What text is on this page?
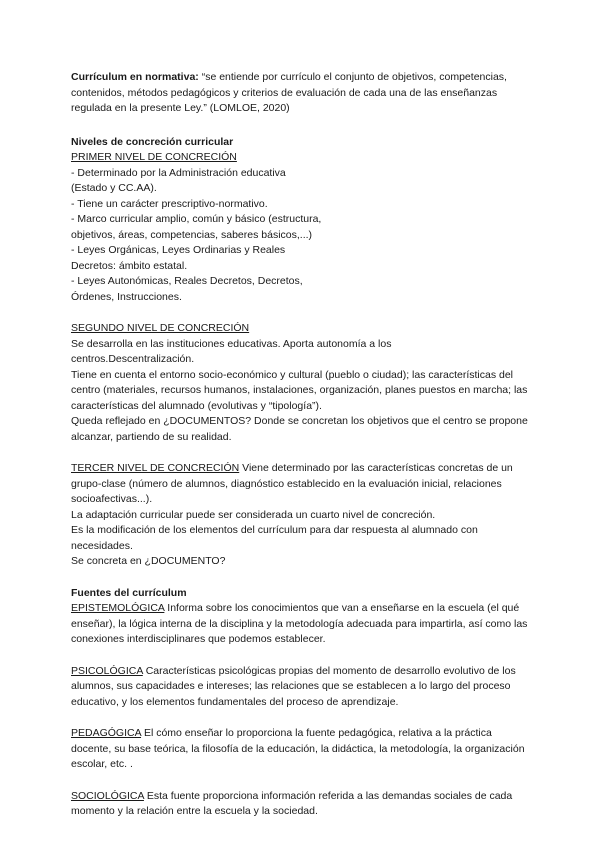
Currículum en normativa: “se entiende por currículo el conjunto de objetivos, competencias, contenidos, métodos pedagógicos y criterios de evaluación de cada una de las enseñanzas regulada en la presente Ley.” (LOMLOE, 2020)

Niveles de concreción curricular

PRIMER NIVEL DE CONCRECIÓN

- Determinado por la Administración educativa
(Estado y CC.AA).
- Tiene un carácter prescriptivo-normativo.
- Marco curricular amplio, común y básico (estructura,
objetivos, áreas, competencias, saberes básicos,...)
- Leyes Orgánicas, Leyes Ordinarias y Reales
Decretos: ámbito estatal.
- Leyes Autonómicas, Reales Decretos, Decretos,
Órdenes, Instrucciones.

SEGUNDO NIVEL DE CONCRECIÓN

Se desarrolla en las instituciones educativas. Aporta autonomía a los
centros.Descentralización.

Tiene en cuenta el entorno socio-económico y cultural (pueblo o ciudad); las características del centro (materiales, recursos humanos, instalaciones, organización, planes puestos en marcha; las características del alumnado (evolutivas y “tipología”).

Queda reflejado en ¿DOCUMENTOS? Donde se concretan los objetivos que el centro se propone alcanzar, partiendo de su realidad.

TERCER NIVEL DE CONCRECIÓN Viene determinado por las características concretas de un grupo-clase (número de alumnos, diagnóstico establecido en la evaluación inicial, relaciones socioafectivas...).

La adaptación curricular puede ser considerada un cuarto nivel de concreción.

Es la modificación de los elementos del currículum para dar respuesta al alumnado con necesidades.

Se concreta en ¿DOCUMENTO?

Fuentes del currículum

EPISTEMOLÓGICA Informa sobre los conocimientos que van a enseñarse en la escuela (el qué enseñar), la lógica interna de la disciplina y la metodología adecuada para impartirla, así como las conexiones interdisciplinares que podemos establecer.

PSICOLÓGICA Características psicológicas propias del momento de desarrollo evolutivo de los alumnos, sus capacidades e intereses; las relaciones que se establecen a lo largo del proceso educativo, y los elementos fundamentales del proceso de aprendizaje.

PEDAGÓGICA El cómo enseñar lo proporciona la fuente pedagógica, relativa a la práctica docente, su base teórica, la filosofía de la educación, la didáctica, la metodología, la organización escolar, etc. .

SOCIOLÓGICA Esta fuente proporciona información referida a las demandas sociales de cada momento y la relación entre la escuela y la sociedad.
